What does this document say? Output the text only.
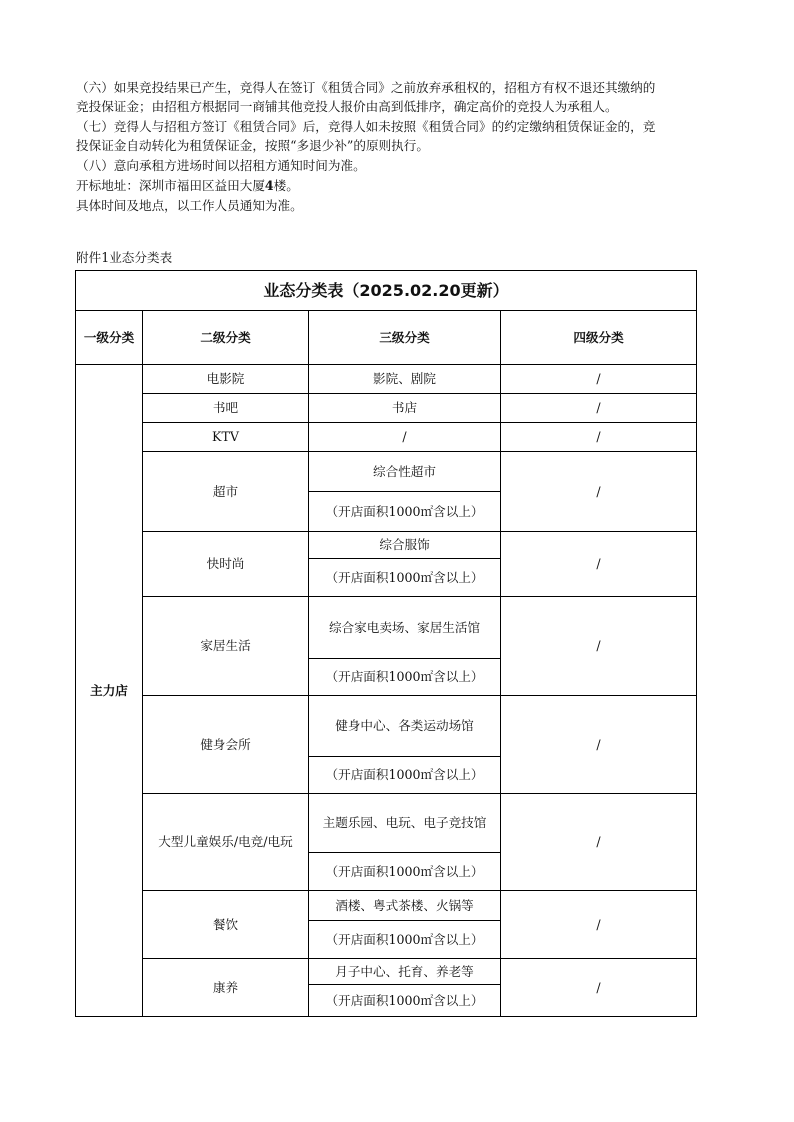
（六）如果竞投结果已产生，竞得人在签订《租赁合同》之前放弃承租权的，招租方有权不退还其缴纳的
竞投保证金；由招租方根据同一商铺其他竞投人报价由高到低排序，确定高价的竞投人为承租人。
（七）竞得人与招租方签订《租赁合同》后，竞得人如未按照《租赁合同》的约定缴纳租赁保证金的，竞
投保证金自动转化为租赁保证金，按照“多退少补”的原则执行。
（八）意向承租方进场时间以招租方通知时间为准。
开标地址：深圳市福田区益田大厦4楼。
具体时间及地点，以工作人员通知为准。
附件1业态分类表
业态分类表（2025.02.20更新）			
一级分类	二级分类	三级分类	四级分类
主力店	电影院	影院、剧院	/
	书吧	书店	/
	KTV	/	/
	超市	综合性超市	/
		（开店面积1000㎡含以上）	
	快时尚	综合服饰	/
		（开店面积1000㎡含以上）	
	家居生活	综合家电卖场、家居生活馆	/
		（开店面积1000㎡含以上）	
	健身会所	健身中心、各类运动场馆	/
		（开店面积1000㎡含以上）	
	大型儿童娱乐/电竞/电玩	主题乐园、电玩、电子竞技馆	/
		（开店面积1000㎡含以上）	
	餐饮	酒楼、粤式茶楼、火锅等	/
		（开店面积1000㎡含以上）	
	康养	月子中心、托育、养老等	/
		（开店面积1000㎡含以上）	
